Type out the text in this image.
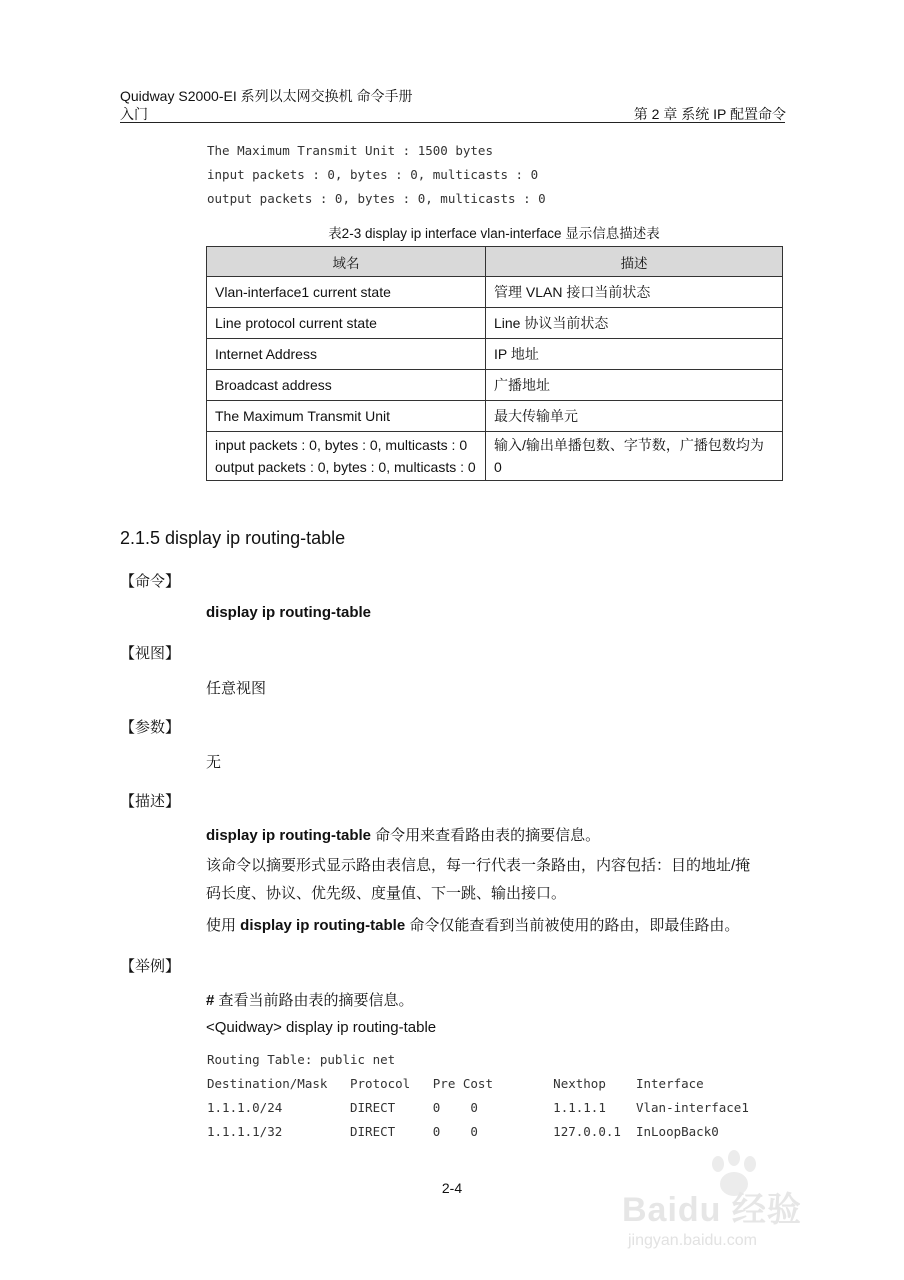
Quidway S2000-EI 系列以太网交换机 命令手册
入门	第 2 章 系统 IP 配置命令
The Maximum Transmit Unit : 1500 bytes
input packets : 0, bytes : 0, multicasts : 0
output packets : 0, bytes : 0, multicasts : 0
表2-3 display ip interface vlan-interface 显示信息描述表
域名	描述
Vlan-interface1 current state	管理 VLAN 接口当前状态
Line protocol current state	Line 协议当前状态
Internet Address	IP 地址
Broadcast address	广播地址
The Maximum Transmit Unit	最大传输单元

input packets : 0, bytes : 0, multicasts : 0
output packets : 0, bytes : 0, multicasts : 0	输入/输出单播包数、字节数，广播包数均为 0
2.1.5 display ip routing-table
【命令】
display ip routing-table
【视图】
任意视图
【参数】
无
【描述】
display ip routing-table 命令用来查看路由表的摘要信息。
该命令以摘要形式显示路由表信息，每一行代表一条路由，内容包括：目的地址/掩
码长度、协议、优先级、度量值、下一跳、输出接口。
使用 display ip routing-table 命令仅能查看到当前被使用的路由，即最佳路由。
【举例】
# 查看当前路由表的摘要信息。
<Quidway> display ip routing-table
Routing Table: public net
Destination/Mask   Protocol   Pre Cost        Nexthop    Interface
1.1.1.0/24         DIRECT     0    0          1.1.1.1    Vlan-interface1
1.1.1.1/32         DIRECT     0    0          127.0.0.1  InLoopBack0
2-4
Baidu 经验
jingyan.baidu.com
